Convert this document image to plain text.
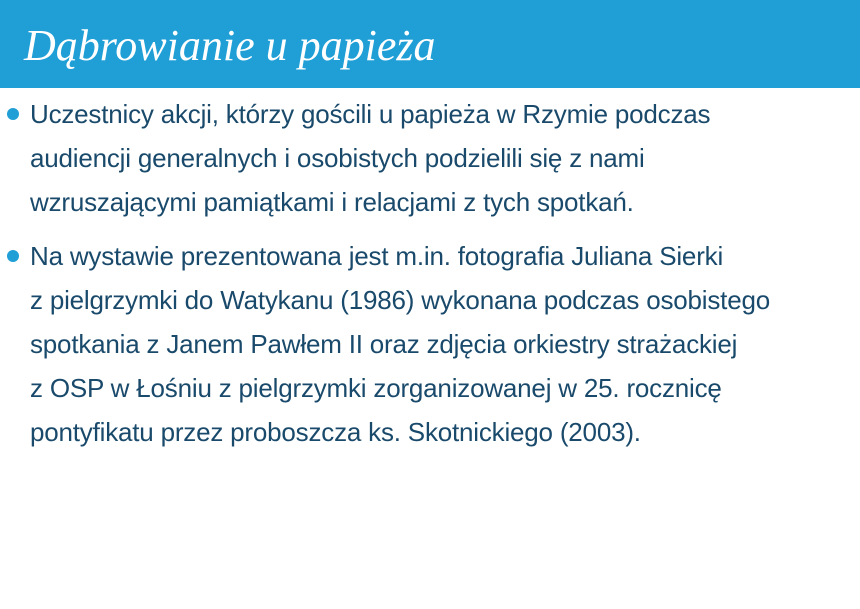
Dąbrowianie u papieża

Uczestnicy akcji, którzy gościli u papieża w Rzymie podczas
audiencji generalnych i osobistych podzielili się z nami
wzruszającymi pamiątkami i relacjami z tych spotkań.

Na wystawie prezentowana jest m.in. fotografia Juliana Sierki
z pielgrzymki do Watykanu (1986) wykonana podczas osobistego
spotkania z Janem Pawłem II oraz zdjęcia orkiestry strażackiej
z OSP w Łośniu z pielgrzymki zorganizowanej w 25. rocznicę
pontyfikatu przez proboszcza ks. Skotnickiego (2003).
